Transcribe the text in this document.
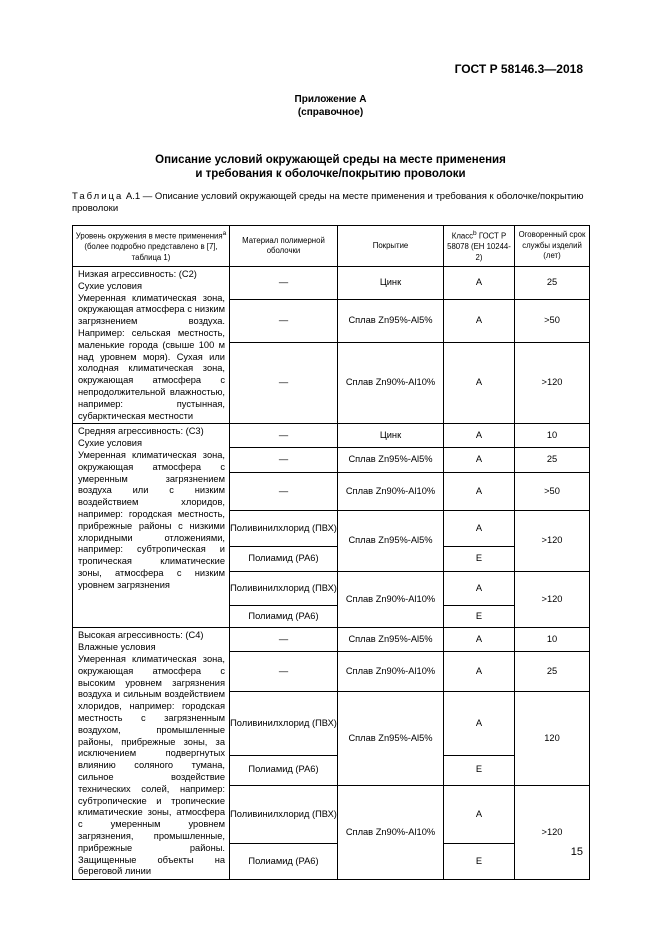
ГОСТ Р 58146.3—2018
Приложение А
(справочное)
Описание условий окружающей среды на месте применения
и требования к оболочке/покрытию проволоки
Таблица А.1 — Описание условий окружающей среды на месте применения и требования к оболочке/покрытию проволоки
Уровень окружения в месте применения$^a$ (более подробно представлено в [7], таблица 1)	Материал полимерной оболочки	Покрытие	Класс$^b$ ГОСТ Р 58078 (ЕН 10244-2)	Оговоренный срок службы изделий (лет)

Низкая агрессивность: (С2)

Сухие условия

Умеренная климатическая зона, окружающая атмосфера с низким загрязнением воздуха. Например: сельская местность, маленькие города (свыше 100 м над уровнем моря). Сухая или холодная климатическая зона, окружающая атмосфера с непродолжительной влажностью, например: пустынная, субарктическая местности	—	Цинк	A	25
	—	Сплав Zn95%-Al5%	A	>50
	—	Сплав Zn90%-Al10%	A	>120

Средняя агрессивность: (С3)

Сухие условия

Умеренная климатическая зона, окружающая атмосфера с умеренным загрязнением воздуха или с низким воздействием хлоридов, например: городская местность, прибрежные районы с низкими хлоридными отложениями, например: субтропическая и тропическая климатические зоны, атмосфера с низким уровнем загрязнения	—	Цинк	A	10
	—	Сплав Zn95%-Al5%	A	25
	—	Сплав Zn90%-Al10%	A	>50
	Поливинилхлорид (ПВХ)	Сплав Zn95%-Al5%	A	>120
	Полиамид (РА6)		E	
	Поливинилхлорид (ПВХ)	Сплав Zn90%-Al10%	A	>120
	Полиамид (РА6)		E	

Высокая агрессивность: (С4)

Влажные условия

Умеренная климатическая зона, окружающая атмосфера с высоким уровнем загрязнения воздуха и сильным воздействием хлоридов, например: городская местность с загрязненным воздухом, промышленные районы, прибрежные зоны, за исключением подвергнутых влиянию соляного тумана, сильное воздействие технических солей, например: субтропические и тропические климатические зоны, атмосфера с умеренным уровнем загрязнения, промышленные, прибрежные районы. Защищенные объекты на береговой линии	—	Сплав Zn95%-Al5%	A	10
	—	Сплав Zn90%-Al10%	A	25
	Поливинилхлорид (ПВХ)	Сплав Zn95%-Al5%	A	120
	Полиамид (РА6)		E	
	Поливинилхлорид (ПВХ)	Сплав Zn90%-Al10%	A	>120
	Полиамид (РА6)		E	
15
